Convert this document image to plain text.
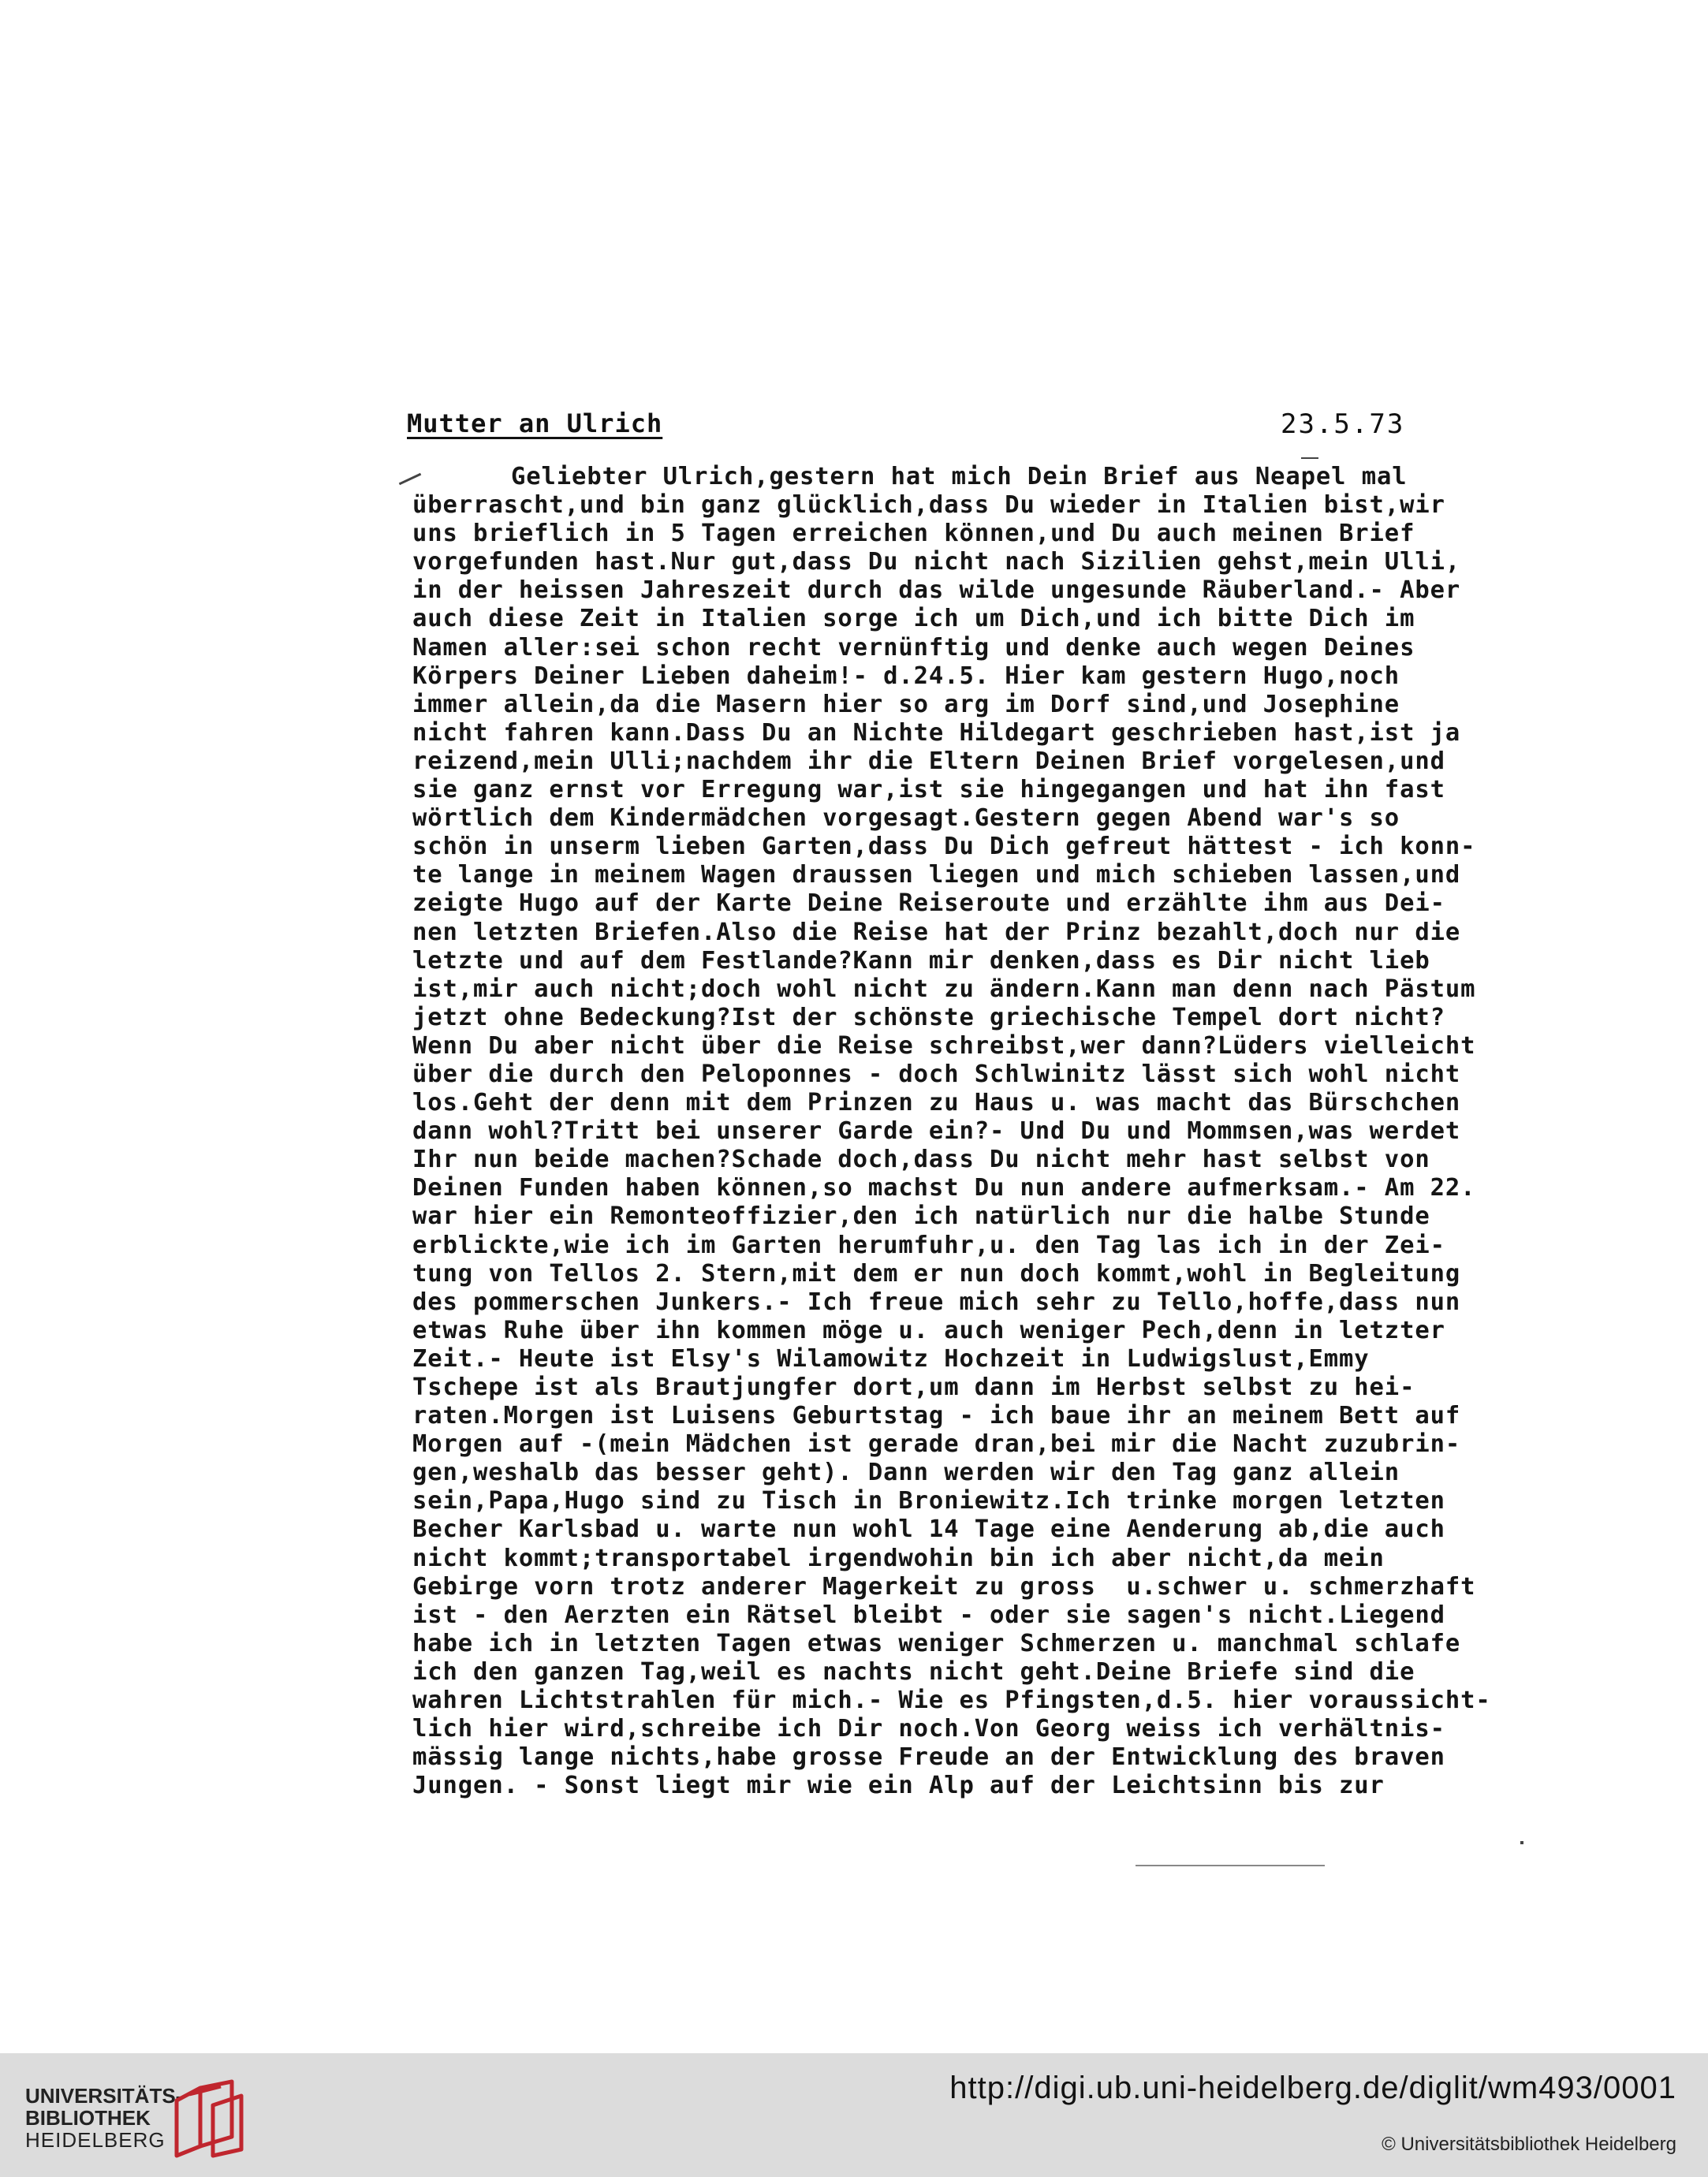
Mutter an Ulrich	23.5.73
Geliebter Ulrich,gestern hat mich Dein Brief aus Neapel mal
überrascht,und bin ganz glücklich,dass Du wieder in Italien bist,wir
uns brieflich in 5 Tagen erreichen können,und Du auch meinen Brief
vorgefunden hast.Nur gut,dass Du nicht nach Sizilien gehst,mein Ulli,
in der heissen Jahreszeit durch das wilde ungesunde Räuberland.- Aber
auch diese Zeit in Italien sorge ich um Dich,und ich bitte Dich im
Namen aller:sei schon recht vernünftig und denke auch wegen Deines
Körpers Deiner Lieben daheim!- d.24.5. Hier kam gestern Hugo,noch
immer allein,da die Masern hier so arg im Dorf sind,und Josephine
nicht fahren kann.Dass Du an Nichte Hildegart geschrieben hast,ist ja
reizend,mein Ulli;nachdem ihr die Eltern Deinen Brief vorgelesen,und
sie ganz ernst vor Erregung war,ist sie hingegangen und hat ihn fast
wörtlich dem Kindermädchen vorgesagt.Gestern gegen Abend war's so
schön in unserm lieben Garten,dass Du Dich gefreut hättest - ich konn-
te lange in meinem Wagen draussen liegen und mich schieben lassen,und
zeigte Hugo auf der Karte Deine Reiseroute und erzählte ihm aus Dei-
nen letzten Briefen.Also die Reise hat der Prinz bezahlt,doch nur die
letzte und auf dem Festlande?Kann mir denken,dass es Dir nicht lieb
ist,mir auch nicht;doch wohl nicht zu ändern.Kann man denn nach Pästum
jetzt ohne Bedeckung?Ist der schönste griechische Tempel dort nicht?
Wenn Du aber nicht über die Reise schreibst,wer dann?Lüders vielleicht
über die durch den Peloponnes - doch Schlwinitz lässt sich wohl nicht
los.Geht der denn mit dem Prinzen zu Haus u. was macht das Bürschchen
dann wohl?Tritt bei unserer Garde ein?- Und Du und Mommsen,was werdet
Ihr nun beide machen?Schade doch,dass Du nicht mehr hast selbst von
Deinen Funden haben können,so machst Du nun andere aufmerksam.- Am 22.
war hier ein Remonteoffizier,den ich natürlich nur die halbe Stunde
erblickte,wie ich im Garten herumfuhr,u. den Tag las ich in der Zei-
tung von Tellos 2. Stern,mit dem er nun doch kommt,wohl in Begleitung
des pommerschen Junkers.- Ich freue mich sehr zu Tello,hoffe,dass nun
etwas Ruhe über ihn kommen möge u. auch weniger Pech,denn in letzter
Zeit.- Heute ist Elsy's Wilamowitz Hochzeit in Ludwigslust,Emmy
Tschepe ist als Brautjungfer dort,um dann im Herbst selbst zu hei-
raten.Morgen ist Luisens Geburtstag - ich baue ihr an meinem Bett auf
Morgen auf -(mein Mädchen ist gerade dran,bei mir die Nacht zuzubrin-
gen,weshalb das besser geht). Dann werden wir den Tag ganz allein
sein,Papa,Hugo sind zu Tisch in Broniewitz.Ich trinke morgen letzten
Becher Karlsbad u. warte nun wohl 14 Tage eine Aenderung ab,die auch
nicht kommt;transportabel irgendwohin bin ich aber nicht,da mein
Gebirge vorn trotz anderer Magerkeit zu gross  u.schwer u. schmerzhaft
ist - den Aerzten ein Rätsel bleibt - oder sie sagen's nicht.Liegend
habe ich in letzten Tagen etwas weniger Schmerzen u. manchmal schlafe
ich den ganzen Tag,weil es nachts nicht geht.Deine Briefe sind die
wahren Lichtstrahlen für mich.- Wie es Pfingsten,d.5. hier voraussicht-
lich hier wird,schreibe ich Dir noch.Von Georg weiss ich verhältnis-
mässig lange nichts,habe grosse Freude an der Entwicklung des braven
Jungen. - Sonst liegt mir wie ein Alp auf der Leichtsinn bis zur
UNIVERSITÄTS-
BIBLIOTHEK
HEIDELBERG
http://digi.ub.uni-heidelberg.de/diglit/wm493/0001
© Universitätsbibliothek Heidelberg
